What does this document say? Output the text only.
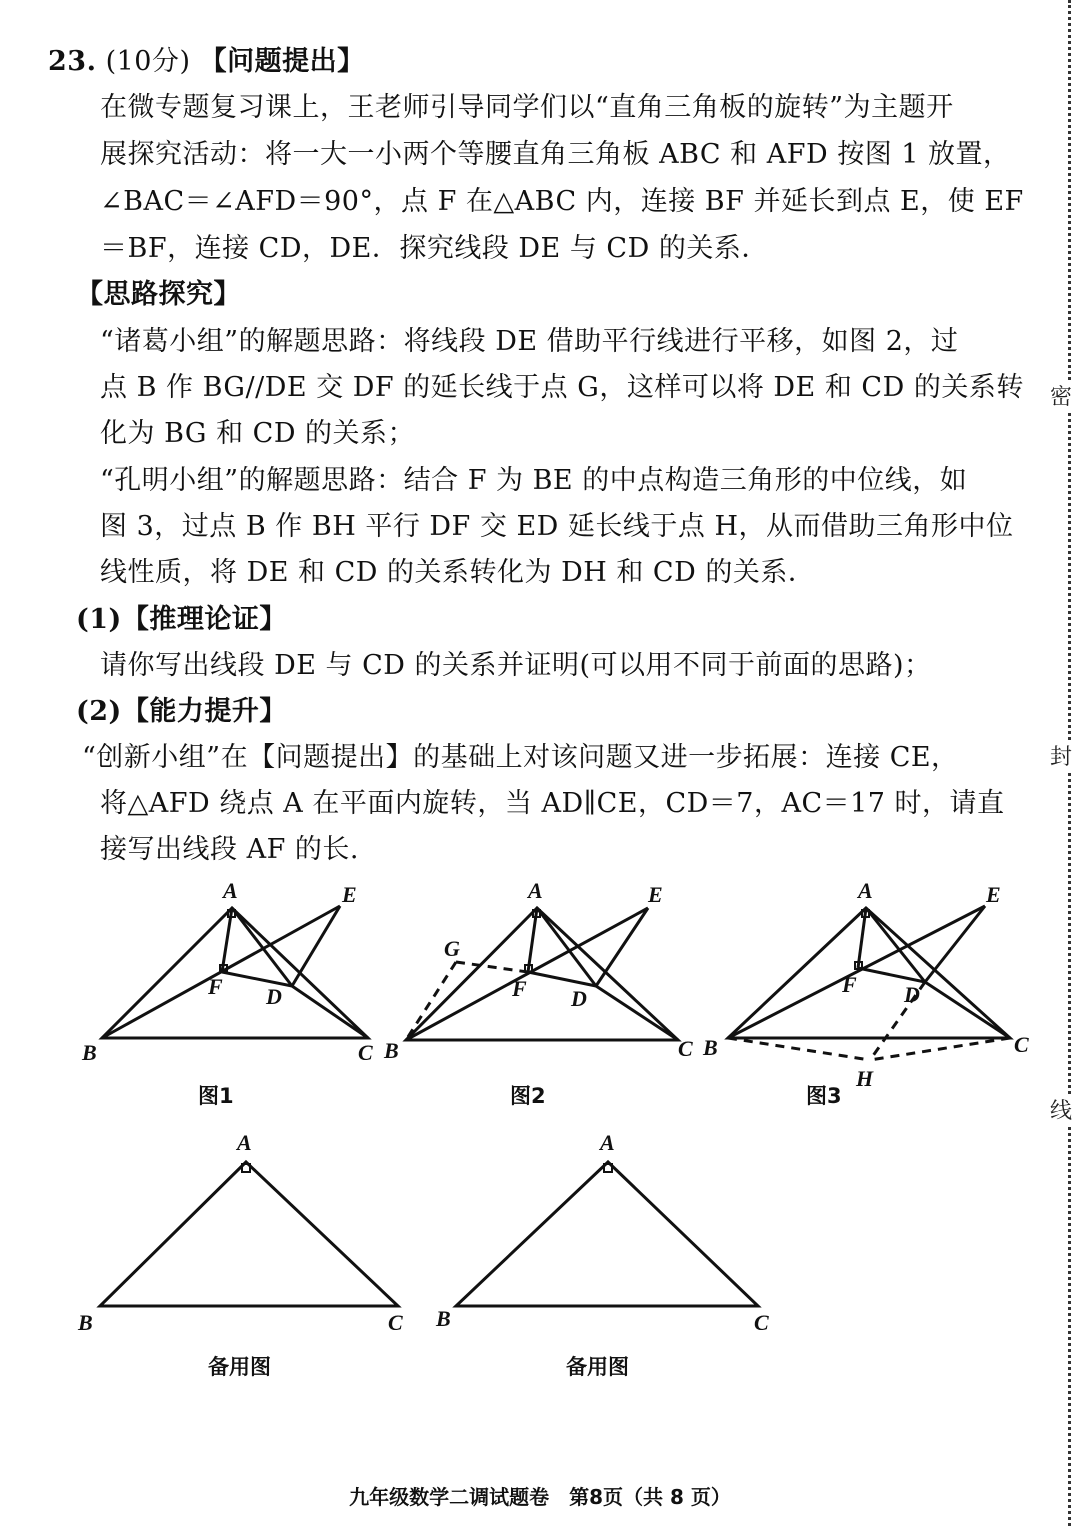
23. (10分) 【问题提出】
在微专题复习课上，王老师引导同学们以“直角三角板的旋转”为主题开
展探究活动：将一大一小两个等腰直角三角板 ABC 和 AFD 按图 1 放置，
∠BAC＝∠AFD＝90°，点 F 在△ABC 内，连接 BF 并延长到点 E，使 EF
＝BF，连接 CD，DE．探究线段 DE 与 CD 的关系．
【思路探究】
“诸葛小组”的解题思路：将线段 DE 借助平行线进行平移，如图 2，过
点 B 作 BG//DE 交 DF 的延长线于点 G，这样可以将 DE 和 CD 的关系转
化为 BG 和 CD 的关系；
“孔明小组”的解题思路：结合 F 为 BE 的中点构造三角形的中位线，如
图 3，过点 B 作 BH 平行 DF 交 ED 延长线于点 H，从而借助三角形中位
线性质，将 DE 和 CD 的关系转化为 DH 和 CD 的关系．
(1)【推理论证】
请你写出线段 DE 与 CD 的关系并证明(可以用不同于前面的思路)；
(2)【能力提升】
“创新小组”在【问题提出】的基础上对该问题又进一步拓展：连接 CE，
将△AFD 绕点 A 在平面内旋转，当 AD∥CE，CD＝7，AC＝17 时，请直
接写出线段 AF 的长.
A	E
F D
B	C
A	E
G
F D
B	C
A	E
F D
B	C
H
A
B	C
A
B	C
图1	图2	图3
备用图	备用图
密
封
线
九年级数学二调试题卷　第8页（共 8 页）
